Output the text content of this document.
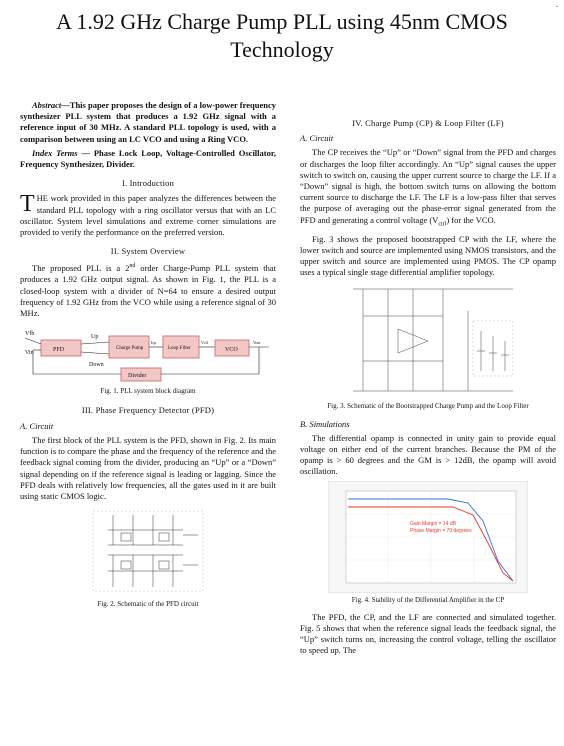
.
A 1.92 GHz Charge Pump PLL using 45nm CMOS Technology

Abstract—This paper proposes the design of a low-power frequency synthesizer PLL system that produces a 1.92 GHz signal with a reference input of 30 MHz. A standard PLL topology is used, with a comparison between using an LC VCO and using a Ring VCO.

Index Terms — Phase Lock Loop, Voltage-Controlled Oscillator, Frequency Synthesizer, Divider.

I. Introduction

THE work provided in this paper analyzes the differences between the standard PLL topology with a ring oscillator versus that with an LC oscillator. System level simulations and extreme corner simulations are provided to verify the performance on the preferred version.

II. System Overview

The proposed PLL is a 2nd order Charge-Pump PLL system that produces a 1.92 GHz output signal. As shown in Fig. 1, the PLL is a closed-loop system with a divider of N=64 to ensure a desired output frequency of 1.92 GHz from the VCO while using a reference signal of 30 MHz.

Vfb
Vin	PFD	Charge Pump	Loop Filter	VCO
Divider
Up
Down
Icp	Vctl	Vout
Fig. 1. PLL system block diagram
III. Phase Frequency Detector (PFD)
A. Circuit

The first block of the PLL system is the PFD, shown in Fig. 2. Its main function is to compare the phase and the frequency of the reference and the feedback signal coming from the divider, producing an “Up” or a “Down” signal depending on if the reference signal is leading or lagging. Since the PFD deals with relatively low frequencies, all the gates used in it are built using static CMOS logic.

Fig. 2. Schematic of the PFD circuit
IV. Charge Pump (CP) & Loop Filter (LF)
A. Circuit

The CP receives the “Up” or “Down” signal from the PFD and charges or discharges the loop filter accordingly. An “Up” signal causes the upper switch to switch on, causing the upper current source to charge the LF. If a “Down” signal is high, the bottom switch turns on allowing the bottom current source to discharge the LF. The LF is a low-pass filter that serves the purpose of averaging out the phase-error signal generated from the PFD and generating a control voltage $(V_{ctrl})$ for the VCO.

Fig. 3 shows the proposed bootstrapped CP with the LF, where the lower switch and source are implemented using NMOS transistors, and the upper switch and source are implemented using PMOS. The CP opamp uses a typical single stage differential amplifier topology.

Fig. 3. Schematic of the Bootstrapped Charge Pump and the Loop Filter
B. Simulations

The differential opamp is connected in unity gain to provide equal voltage on either end of the current branches. Because the PM of the opamp is > 60 degrees and the GM is > 12dB, the opamp will avoid oscillation.

Gain Margin = 14 dB
Phase Margin = 70 degrees
Fig. 4. Stability of the Differential Amplifier in the CP

The PFD, the CP, and the LF are connected and simulated together. Fig. 5 shows that when the reference signal leads the feedback signal, the “Up” switch turns on, increasing the control voltage, telling the oscillator to speed up. The
